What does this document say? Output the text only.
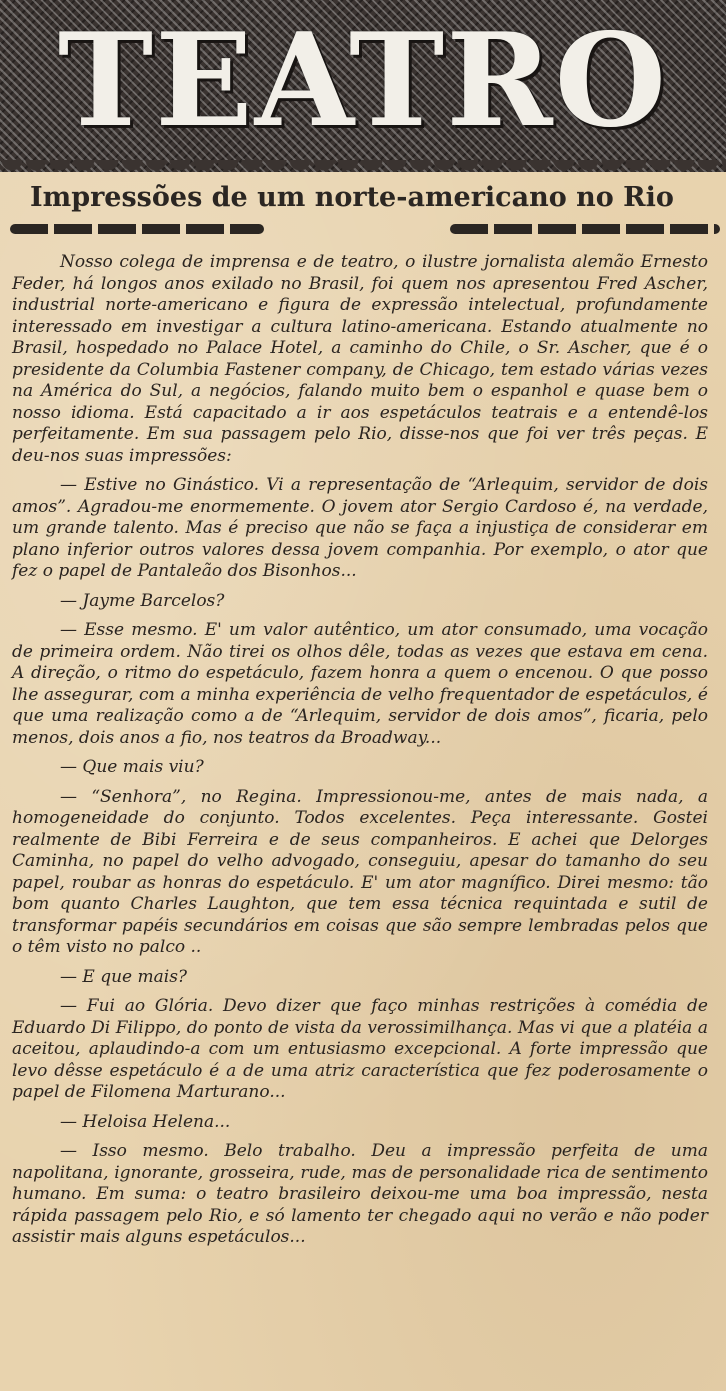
TEATRO
Impressões de um norte-americano no Rio

Nosso colega de imprensa e de teatro, o ilustre jornalista alemão Ernesto Feder, há longos anos exilado no Brasil, foi quem nos apresentou Fred Ascher, industrial norte-americano e figura de expressão intelectual, profundamente interessado em investigar a cultura latino-americana. Estando atualmente no Brasil, hospedado no Palace Hotel, a caminho do Chile, o Sr. Ascher, que é o presidente da Columbia Fastener company, de Chicago, tem estado várias vezes na América do Sul, a negócios, falando muito bem o espanhol e quase bem o nosso idioma. Está capacitado a ir aos espetáculos teatrais e a entendê-los perfeitamente. Em sua passagem pelo Rio, disse-nos que foi ver três peças. E deu-nos suas impressões:

— Estive no Ginástico. Vi a representação de “Arlequim, servidor de dois amos”. Agradou-me enormemente. O jovem ator Sergio Cardoso é, na verdade, um grande talento. Mas é preciso que não se faça a injustiça de considerar em plano inferior outros valores dessa jovem companhia. Por exemplo, o ator que fez o papel de Pantaleão dos Bisonhos...

— Jayme Barcelos?

— Esse mesmo. E' um valor autêntico, um ator consumado, uma vocação de primeira ordem. Não tirei os olhos dêle, todas as vezes que estava em cena. A direção, o ritmo do espetáculo, fazem honra a quem o encenou. O que posso lhe assegurar, com a minha experiência de velho frequentador de espetáculos, é que uma realização como a de “Arlequim, servidor de dois amos”, ficaria, pelo menos, dois anos a fio, nos teatros da Broadway...

— Que mais viu?

— “Senhora”, no Regina. Impressionou-me, antes de mais nada, a homogeneidade do conjunto. Todos excelentes. Peça interessante. Gostei realmente de Bibi Ferreira e de seus companheiros. E achei que Delorges Caminha, no papel do velho advogado, conseguiu, apesar do tamanho do seu papel, roubar as honras do espetáculo. E' um ator magnífico. Direi mesmo: tão bom quanto Charles Laughton, que tem essa técnica requintada e sutil de transformar papéis secundários em coisas que são sempre lembradas pelos que o têm visto no palco ..

— E que mais?

— Fui ao Glória. Devo dizer que faço minhas restrições à comédia de Eduardo Di Filippo, do ponto de vista da verossimilhança. Mas vi que a platéia a aceitou, aplaudindo-a com um entusiasmo excepcional. A forte impressão que levo dêsse espetáculo é a de uma atriz característica que fez poderosamente o papel de Filomena Marturano...

— Heloisa Helena...

— Isso mesmo. Belo trabalho. Deu a impressão perfeita de uma napolitana, ignorante, grosseira, rude, mas de personalidade rica de sentimento humano. Em suma: o teatro brasileiro deixou-me uma boa impressão, nesta rápida passagem pelo Rio, e só lamento ter chegado aqui no verão e não poder assistir mais alguns espetáculos...
